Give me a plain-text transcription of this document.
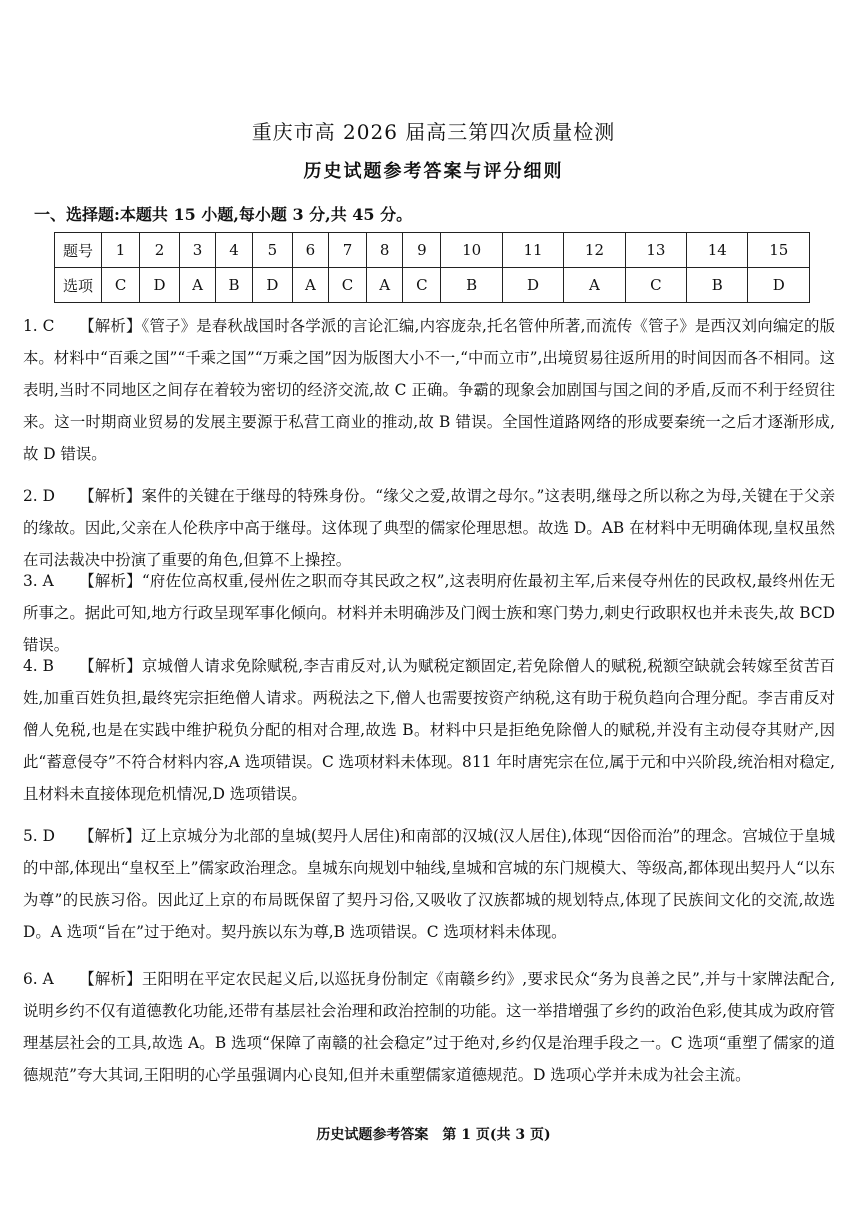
重庆市高 2026 届高三第四次质量检测
历史试题参考答案与评分细则
一、选择题:本题共 15 小题,每小题 3 分,共 45 分。
题号	1	2	3	4	5	6	7	8	9	10	11	12	13	14	15
选项	C	D	A	B	D	A	C	A	C	B	D	A	C	B	D
1. C 【解析】《管子》是春秋战国时各学派的言论汇编,内容庞杂,托名管仲所著,而流传《管子》是西汉刘向编定的版本。材料中“百乘之国”“千乘之国”“万乘之国”因为版图大小不一,“中而立市”,出境贸易往返所用的时间因而各不相同。这表明,当时不同地区之间存在着较为密切的经济交流,故 C 正确。争霸的现象会加剧国与国之间的矛盾,反而不利于经贸往来。这一时期商业贸易的发展主要源于私营工商业的推动,故 B 错误。全国性道路网络的形成要秦统一之后才逐渐形成,故 D 错误。
2. D 【解析】案件的关键在于继母的特殊身份。“缘父之爱,故谓之母尔。”这表明,继母之所以称之为母,关键在于父亲的缘故。因此,父亲在人伦秩序中高于继母。这体现了典型的儒家伦理思想。故选 D。AB 在材料中无明确体现,皇权虽然在司法裁决中扮演了重要的角色,但算不上操控。
3. A 【解析】“府佐位高权重,侵州佐之职而夺其民政之权”,这表明府佐最初主军,后来侵夺州佐的民政权,最终州佐无所事之。据此可知,地方行政呈现军事化倾向。材料并未明确涉及门阀士族和寒门势力,刺史行政职权也并未丧失,故 BCD 错误。
4. B 【解析】京城僧人请求免除赋税,李吉甫反对,认为赋税定额固定,若免除僧人的赋税,税额空缺就会转嫁至贫苦百姓,加重百姓负担,最终宪宗拒绝僧人请求。两税法之下,僧人也需要按资产纳税,这有助于税负趋向合理分配。李吉甫反对僧人免税,也是在实践中维护税负分配的相对合理,故选 B。材料中只是拒绝免除僧人的赋税,并没有主动侵夺其财产,因此“蓄意侵夺”不符合材料内容,A 选项错误。C 选项材料未体现。811 年时唐宪宗在位,属于元和中兴阶段,统治相对稳定,且材料未直接体现危机情况,D 选项错误。
5. D 【解析】辽上京城分为北部的皇城(契丹人居住)和南部的汉城(汉人居住),体现“因俗而治”的理念。宫城位于皇城的中部,体现出“皇权至上”儒家政治理念。皇城东向规划中轴线,皇城和宫城的东门规模大、等级高,都体现出契丹人“以东为尊”的民族习俗。因此辽上京的布局既保留了契丹习俗,又吸收了汉族都城的规划特点,体现了民族间文化的交流,故选 D。A 选项“旨在”过于绝对。契丹族以东为尊,B 选项错误。C 选项材料未体现。
6. A 【解析】王阳明在平定农民起义后,以巡抚身份制定《南赣乡约》,要求民众“务为良善之民”,并与十家牌法配合,说明乡约不仅有道德教化功能,还带有基层社会治理和政治控制的功能。这一举措增强了乡约的政治色彩,使其成为政府管理基层社会的工具,故选 A。B 选项“保障了南赣的社会稳定”过于绝对,乡约仅是治理手段之一。C 选项“重塑了儒家的道德规范”夸大其词,王阳明的心学虽强调内心良知,但并未重塑儒家道德规范。D 选项心学并未成为社会主流。
历史试题参考答案　第 1 页(共 3 页)
